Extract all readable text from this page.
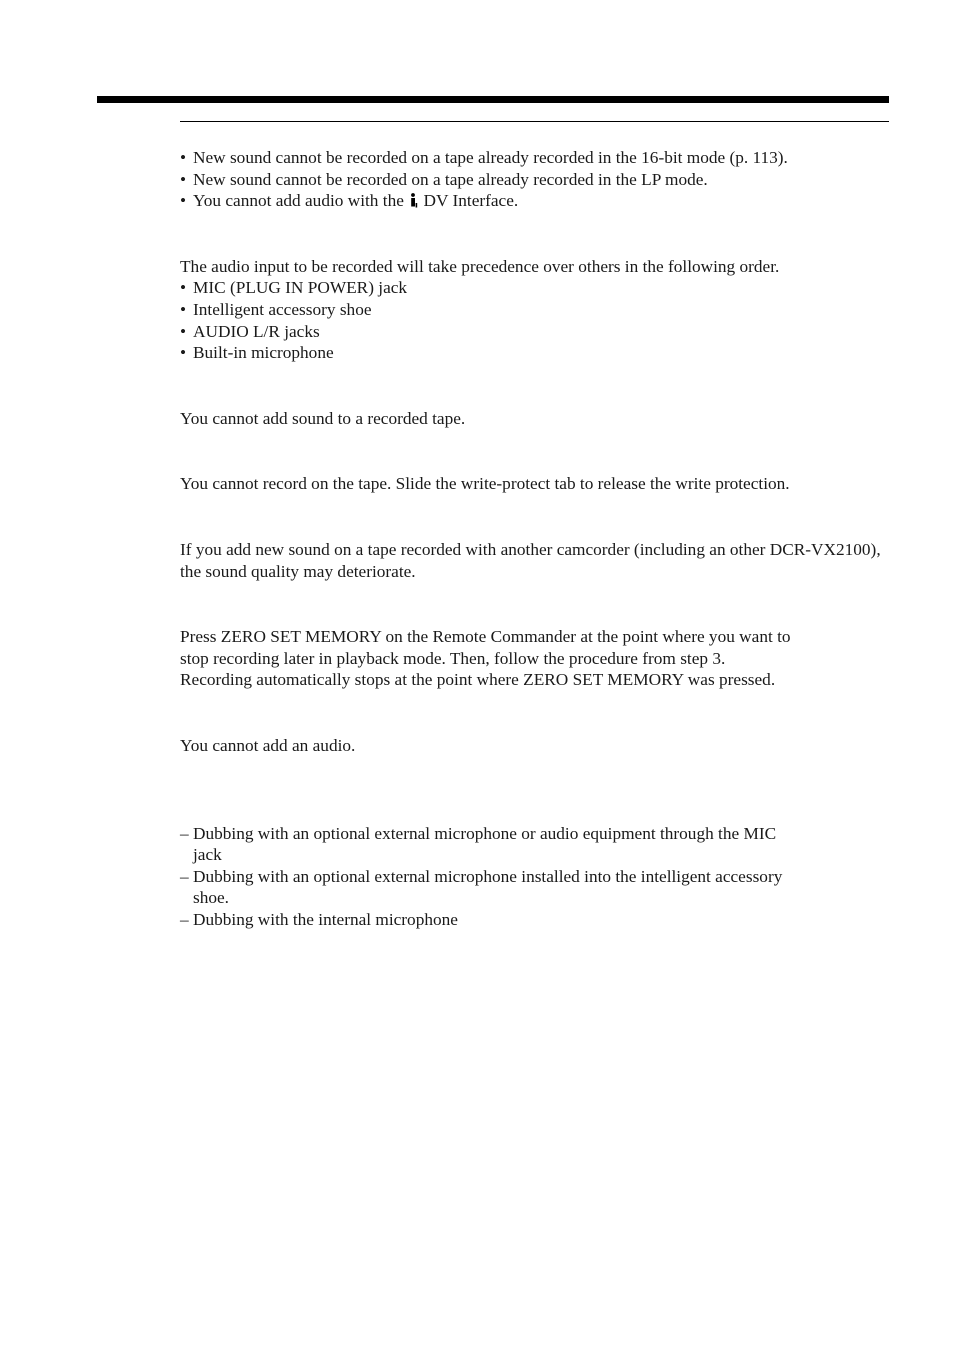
• New sound cannot be recorded on a tape already recorded in the 16-bit mode (p. 113).
• New sound cannot be recorded on a tape already recorded in the LP mode.
• You cannot add audio with the  DV Interface.

The audio input to be recorded will take precedence over others in the following order.

• MIC (PLUG IN POWER) jack
• Intelligent accessory shoe
• AUDIO L/R jacks
• Built-in microphone

You cannot add sound to a recorded tape.

You cannot record on the tape. Slide the write-protect tab to release the write protection.

If you add new sound on a tape recorded with another camcorder (including an other DCR-VX2100), the sound quality may deteriorate.

Press ZERO SET MEMORY on the Remote Commander at the point where you want to
stop recording later in playback mode. Then, follow the procedure from step 3.
Recording automatically stops at the point where ZERO SET MEMORY was pressed.

You cannot add an audio.

– Dubbing with an optional external microphone or audio equipment through the MIC
jack
– Dubbing with an optional external microphone installed into the intelligent accessory
shoe.
– Dubbing with the internal microphone
